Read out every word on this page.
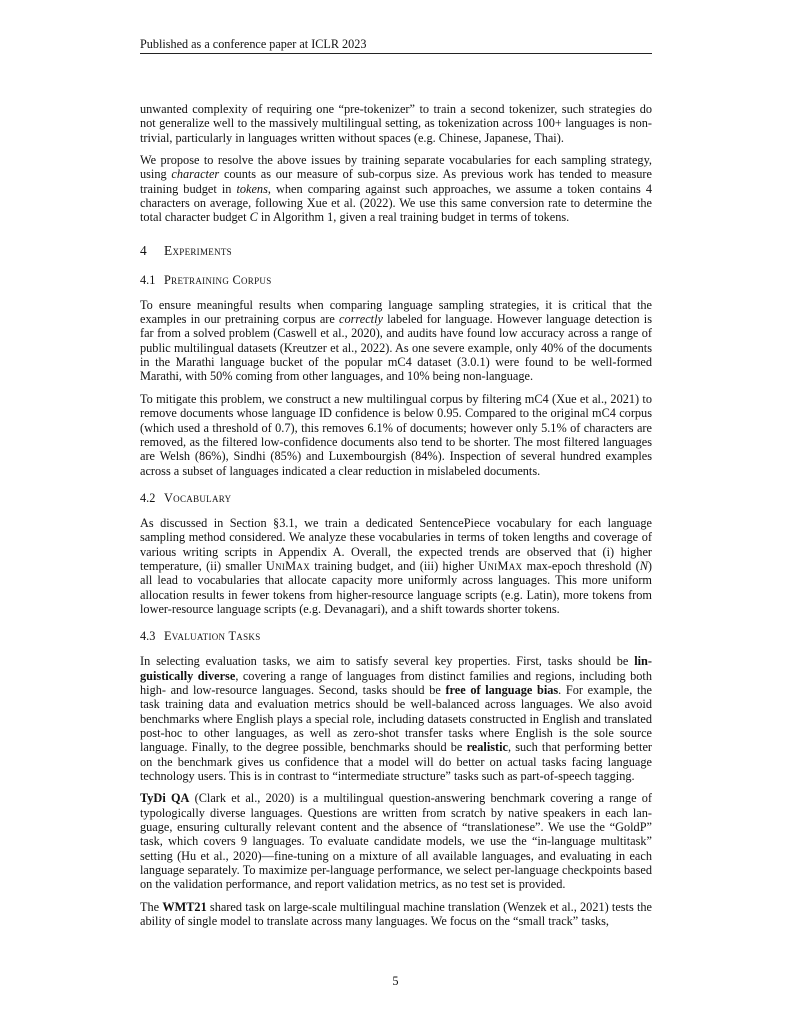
Published as a conference paper at ICLR 2023

unwanted complexity of requiring one “pre-tokenizer” to train a second tokenizer, such strategies do not generalize well to the massively multilingual setting, as tokenization across 100+ languages is non-trivial, particularly in languages written without spaces (e.g. Chinese, Japanese, Thai).

We propose to resolve the above issues by training separate vocabularies for each sampling strategy, using character counts as our measure of sub-corpus size. As previous work has tended to measure training budget in tokens, when comparing against such approaches, we assume a token contains 4 characters on average, following Xue et al. (2022). We use this same conversion rate to determine the total character budget C in Algorithm 1, given a real training budget in terms of tokens.

4 Experiments
4.1 Pretraining Corpus

To ensure meaningful results when comparing language sampling strategies, it is critical that the examples in our pretraining corpus are correctly labeled for language. However language detection is far from a solved problem (Caswell et al., 2020), and audits have found low accuracy across a range of public multilingual datasets (Kreutzer et al., 2022). As one severe example, only 40% of the documents in the Marathi language bucket of the popular mC4 dataset (3.0.1) were found to be well-formed Marathi, with 50% coming from other languages, and 10% being non-language.

To mitigate this problem, we construct a new multilingual corpus by filtering mC4 (Xue et al., 2021) to remove documents whose language ID confidence is below 0.95. Compared to the original mC4 corpus (which used a threshold of 0.7), this removes 6.1% of documents; however only 5.1% of characters are removed, as the filtered low-confidence documents also tend to be shorter. The most filtered languages are Welsh (86%), Sindhi (85%) and Luxembourgish (84%). Inspection of several hundred examples across a subset of languages indicated a clear reduction in mislabeled documents.

4.2 Vocabulary

As discussed in Section §3.1, we train a dedicated SentencePiece vocabulary for each language sampling method considered. We analyze these vocabularies in terms of token lengths and coverage of various writing scripts in Appendix A. Overall, the expected trends are observed that (i) higher temperature, (ii) smaller UniMax training budget, and (iii) higher UniMax max-epoch threshold (N) all lead to vocabularies that allocate capacity more uniformly across languages. This more uniform allocation results in fewer tokens from higher-resource language scripts (e.g. Latin), more tokens from lower-resource language scripts (e.g. Devanagari), and a shift towards shorter tokens.

4.3 Evaluation Tasks

In selecting evaluation tasks, we aim to satisfy several key properties. First, tasks should be linguistically diverse, covering a range of languages from distinct families and regions, including both high- and low-resource languages. Second, tasks should be free of language bias. For example, the task training data and evaluation metrics should be well-balanced across languages. We also avoid benchmarks where English plays a special role, including datasets constructed in English and translated post-hoc to other languages, as well as zero-shot transfer tasks where English is the sole source language. Finally, to the degree possible, benchmarks should be realistic, such that performing better on the benchmark gives us confidence that a model will do better on actual tasks facing language technology users. This is in contrast to “intermediate structure” tasks such as part-of-speech tagging.

TyDi QA (Clark et al., 2020) is a multilingual question-answering benchmark covering a range of typologically diverse languages. Questions are written from scratch by native speakers in each language, ensuring culturally relevant content and the absence of “translationese”. We use the “GoldP” task, which covers 9 languages. To evaluate candidate models, we use the “in-language multitask” setting (Hu et al., 2020)—fine-tuning on a mixture of all available languages, and evaluating in each language separately. To maximize per-language performance, we select per-language checkpoints based on the validation performance, and report validation metrics, as no test set is provided.

The WMT21 shared task on large-scale multilingual machine translation (Wenzek et al., 2021) tests the ability of single model to translate across many languages. We focus on the “small track” tasks,

5
